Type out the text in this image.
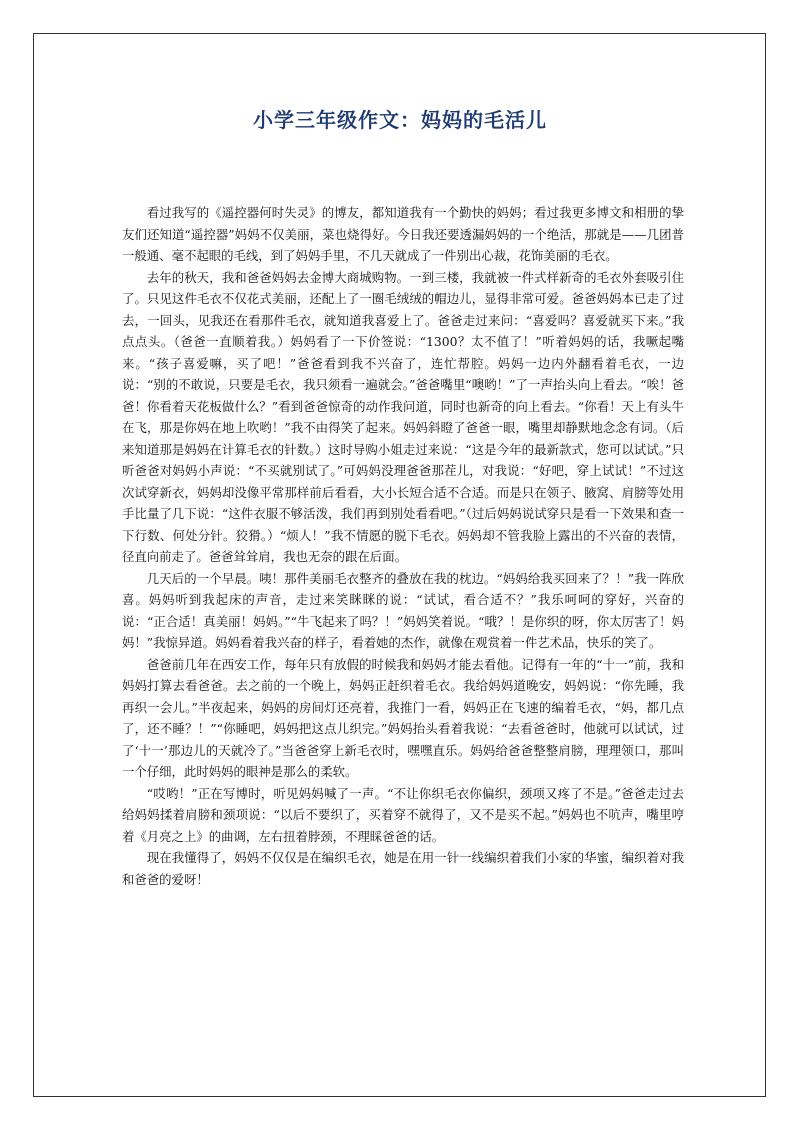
小学三年级作文：妈妈的毛活儿

看过我写的《遥控器何时失灵》的博友，都知道我有一个勤快的妈妈；看过我更多博文和相册的挚友们还知道“遥控器”妈妈不仅美丽，菜也烧得好。今日我还要透漏妈妈的一个绝活，那就是——几团普一般通、毫不起眼的毛线，到了妈妈手里，不几天就成了一件别出心裁，花饰美丽的毛衣。

去年的秋天，我和爸爸妈妈去金博大商城购物。一到三楼，我就被一件式样新奇的毛衣外套吸引住了。只见这件毛衣不仅花式美丽，还配上了一圈毛绒绒的帽边儿，显得非常可爱。爸爸妈妈本已走了过去，一回头，见我还在看那件毛衣，就知道我喜爱上了。爸爸走过来问：“喜爱吗？喜爱就买下来。”我点点头。（爸爸一直顺着我。）妈妈看了一下价签说：“1300？太不值了！”听着妈妈的话，我噘起嘴来。“孩子喜爱嘛，买了吧！”爸爸看到我不兴奋了，连忙帮腔。妈妈一边内外翻看着毛衣，一边说：“别的不敢说，只要是毛衣，我只须看一遍就会。”爸爸嘴里“噢哟！”了一声抬头向上看去。“唉！爸爸！你看着天花板做什么？”看到爸爸惊奇的动作我问道，同时也新奇的向上看去。“你看！天上有头牛在飞，那是你妈在地上吹哟！”我不由得笑了起来。妈妈斜瞪了爸爸一眼，嘴里却静默地念念有词。（后来知道那是妈妈在计算毛衣的针数。）这时导购小姐走过来说：“这是今年的最新款式，您可以试试。”只听爸爸对妈妈小声说：“不买就别试了。”可妈妈没理爸爸那茬儿，对我说：“好吧，穿上试试！”不过这次试穿新衣，妈妈却没像平常那样前后看看，大小长短合适不合适。而是只在领子、腋窝、肩膀等处用手比量了几下说：“这件衣服不够活泼，我们再到别处看看吧。”（过后妈妈说试穿只是看一下效果和查一下行数、何处分针。狡猾。）“烦人！”我不情愿的脱下毛衣。妈妈却不管我脸上露出的不兴奋的表情，径直向前走了。爸爸耸耸肩，我也无奈的跟在后面。

几天后的一个早晨。咦！那件美丽毛衣整齐的叠放在我的枕边。“妈妈给我买回来了？！”我一阵欣喜。妈妈听到我起床的声音，走过来笑眯眯的说：“试试，看合适不？”我乐呵呵的穿好，兴奋的说：“正合适！真美丽！妈妈。”“牛飞起来了吗？！”妈妈笑着说。“哦？！是你织的呀，你太厉害了！妈妈！”我惊异道。妈妈看着我兴奋的样子，看着她的杰作，就像在观赏着一件艺术品，快乐的笑了。

爸爸前几年在西安工作，每年只有放假的时候我和妈妈才能去看他。记得有一年的“十一”前，我和妈妈打算去看爸爸。去之前的一个晚上，妈妈正赶织着毛衣。我给妈妈道晚安，妈妈说：“你先睡，我再织一会儿。”半夜起来，妈妈的房间灯还亮着，我推门一看，妈妈正在飞速的编着毛衣，“妈，都几点了，还不睡？！”“你睡吧，妈妈把这点儿织完。”妈妈抬头看着我说：“去看爸爸时，他就可以试试，过了‘十一’那边儿的天就冷了。”当爸爸穿上新毛衣时，嘿嘿直乐。妈妈给爸爸整整肩膀，理理领口，那叫一个仔细，此时妈妈的眼神是那么的柔软。

“哎哟！”正在写博时，听见妈妈喊了一声。“不让你织毛衣你偏织，颈项又疼了不是。”爸爸走过去给妈妈揉着肩膀和颈项说：“以后不要织了，买着穿不就得了，又不是买不起。”妈妈也不吭声，嘴里哼着《月亮之上》的曲调，左右扭着脖颈，不理睬爸爸的话。

现在我懂得了，妈妈不仅仅是在编织毛衣，她是在用一针一线编织着我们小家的华蜜，编织着对我和爸爸的爱呀！
